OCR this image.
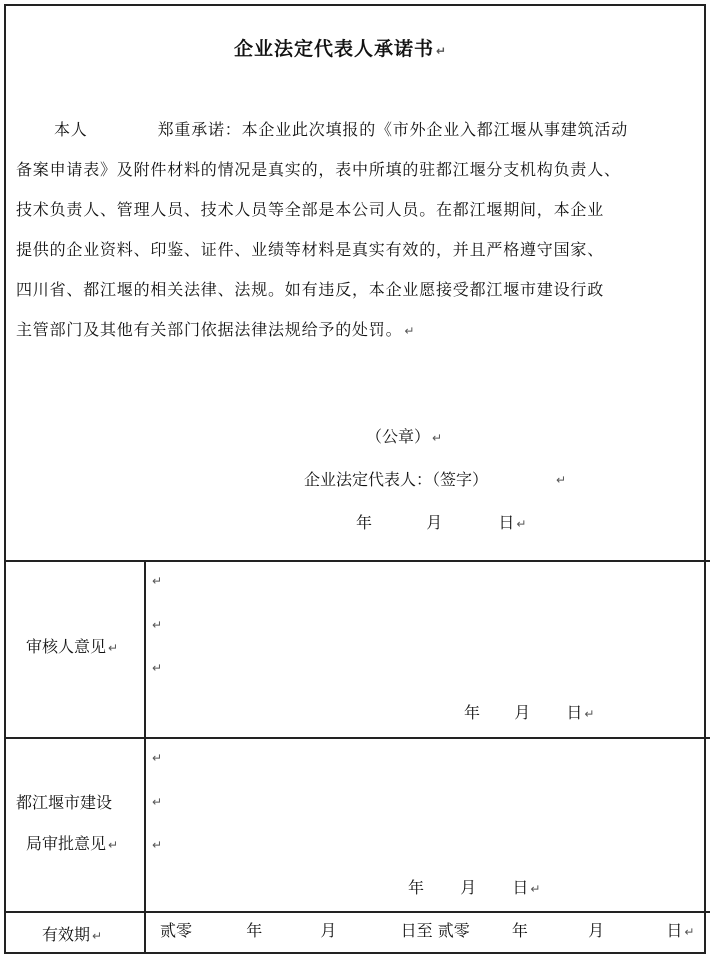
企业法定代表人承诺书 ↵
本人	郑重承诺：本企业此次填报的《市外企业入都江堰从事建筑活动
备案申请表》及附件材料的情况是真实的，表中所填的驻都江堰分支机构负责人、
技术负责人、管理人员、技术人员等全部是本公司人员。在都江堰期间，本企业
提供的企业资料、印鉴、证件、业绩等材料是真实有效的，并且严格遵守国家、
四川省、都江堰的相关法律、法规。如有违反，本企业愿接受都江堰市建设行政
主管部门及其他有关部门依据法律法规给予的处罚。 ↵
（公章） ↵
企业法定代表人：（签字）	↵
年	月	日 ↵
审核人意见 ↵
↵
↵
↵
年 月 日 ↵
都江堰市建设
局审批意见 ↵
↵
↵
↵
年 月 日 ↵
有效期 ↵	贰零	年	月	日至 贰零	年	月	日 ↵
